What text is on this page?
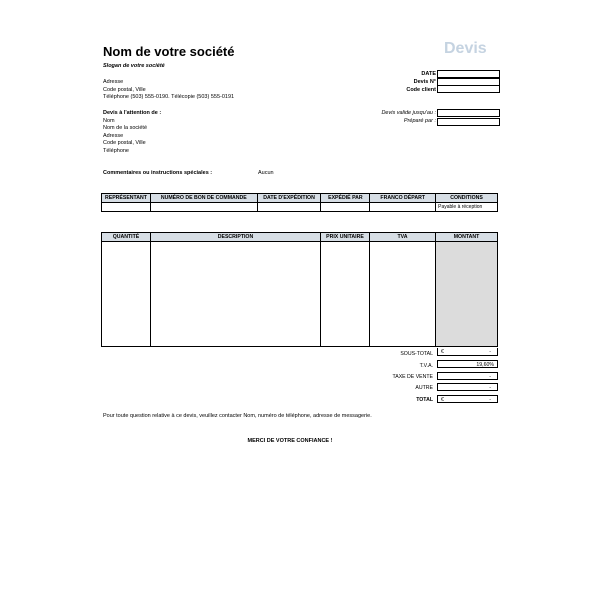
Nom de votre société
Slogan de votre société
Devis
Adresse
Code postal, Ville
Téléphone (503) 555-0190. Télécopie (503) 555-0191
DATE
Devis N°
Code client
Devis valide jusqu'au :
Préparé par :
Devis à l'attention de :
Nom
Nom de la société
Adresse
Code postal, Ville
Téléphone
Commentaires ou instructions spéciales :	Aucun
REPRÉSENTANT	NUMÉRO DE BON DE COMMANDE	DATE D'EXPÉDITION	EXPÉDIÉ PAR	FRANCO DÉPART	CONDITIONS
					Payable à réception
QUANTITÉ	DESCRIPTION	PRIX UNITAIRE	TVA	MONTANT

SOUS-TOTAL €	-
T.V.A.	19,60%
TAXE DE VENTE	-
AUTRE	-
TOTAL €	-
Pour toute question relative à ce devis, veuillez contacter Nom, numéro de téléphone, adresse de messagerie.
MERCI DE VOTRE CONFIANCE !
